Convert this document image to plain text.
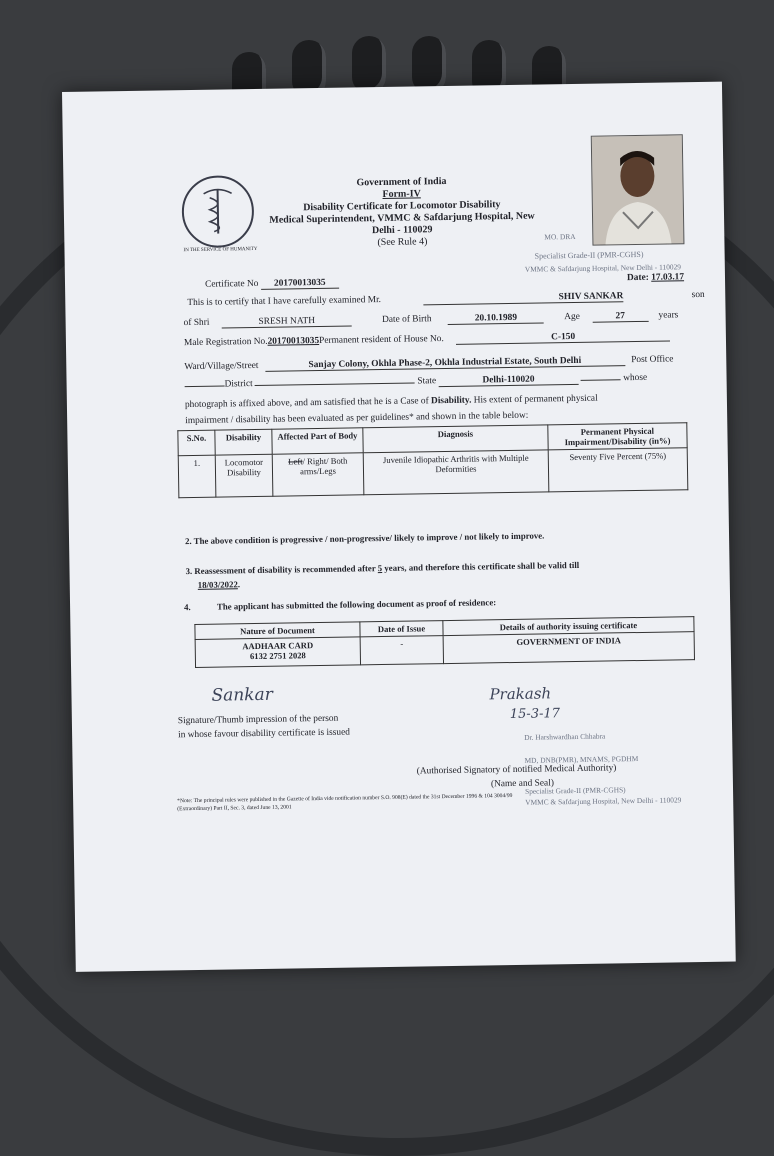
IN THE SERVICE OF HUMANITY
Government of India
Form-IV
Disability Certificate for Locomotor Disability
Medical Superintendent, VMMC & Safdarjung Hospital, New
Delhi - 110029
(See Rule 4)	MO. DRA
Specialist Grade-II (PMR-CGHS)
VMMC & Safdarjung Hospital, New Delhi - 110029
Certificate No 20170013035	Date: 17.03.17
This is to certify that I have carefully examined Mr.	SHIV SANKAR	son
of Shri	SRESH NATH	Date of Birth	20.10.1989	Age	27	years
Male Registration No.20170013035Permanent resident of House No.	C-150
Ward/Village/Street	Sanjay Colony, Okhla Phase-2, Okhla Industrial Estate, South Delhi	Post Office
District	State	Delhi-110020	whose
photograph is affixed above, and am satisfied that he is a Case of Disability. His extent of permanent physical
impairment / disability has been evaluated as per guidelines* and shown in the table below:
S.No.	Disability	Affected Part of Body	Diagnosis	Permanent Physical Impairment/Disability (in%)
1.	Locomotor Disability	Left/ Right/ Both arms/Legs	Juvenile Idiopathic Arthritis with Multiple Deformities	Seventy Five Percent (75%)
2. The above condition is progressive / non-progressive/ likely to improve / not likely to improve.
3. Reassessment of disability is recommended after 5 years, and therefore this certificate shall be valid till
18/03/2022.
4.	The applicant has submitted the following document as proof of residence:
Nature of Document	Date of Issue	Details of authority issuing certificate

AADHAAR CARD
6132 2751 2028	-	GOVERNMENT OF INDIA
Sankar
Signature/Thumb impression of the person
in whose favour disability certificate is issued
Prakash
15-3-17
Dr. Harshwardhan Chhabra
MD, DNB(PMR), MNAMS, PGDHM
Specialist Grade-II (PMR-CGHS)
VMMC & Safdarjung Hospital, New Delhi - 110029
(Authorised Signatory of notified Medical Authority)
(Name and Seal)
*Note: The principal rules were published in the Gazette of India vide notification number S.O. 908(E) dated the 31st December 1996 & 104 3004/99
(Extraordinary) Part II, Sec. 3, dated June 13, 2001
